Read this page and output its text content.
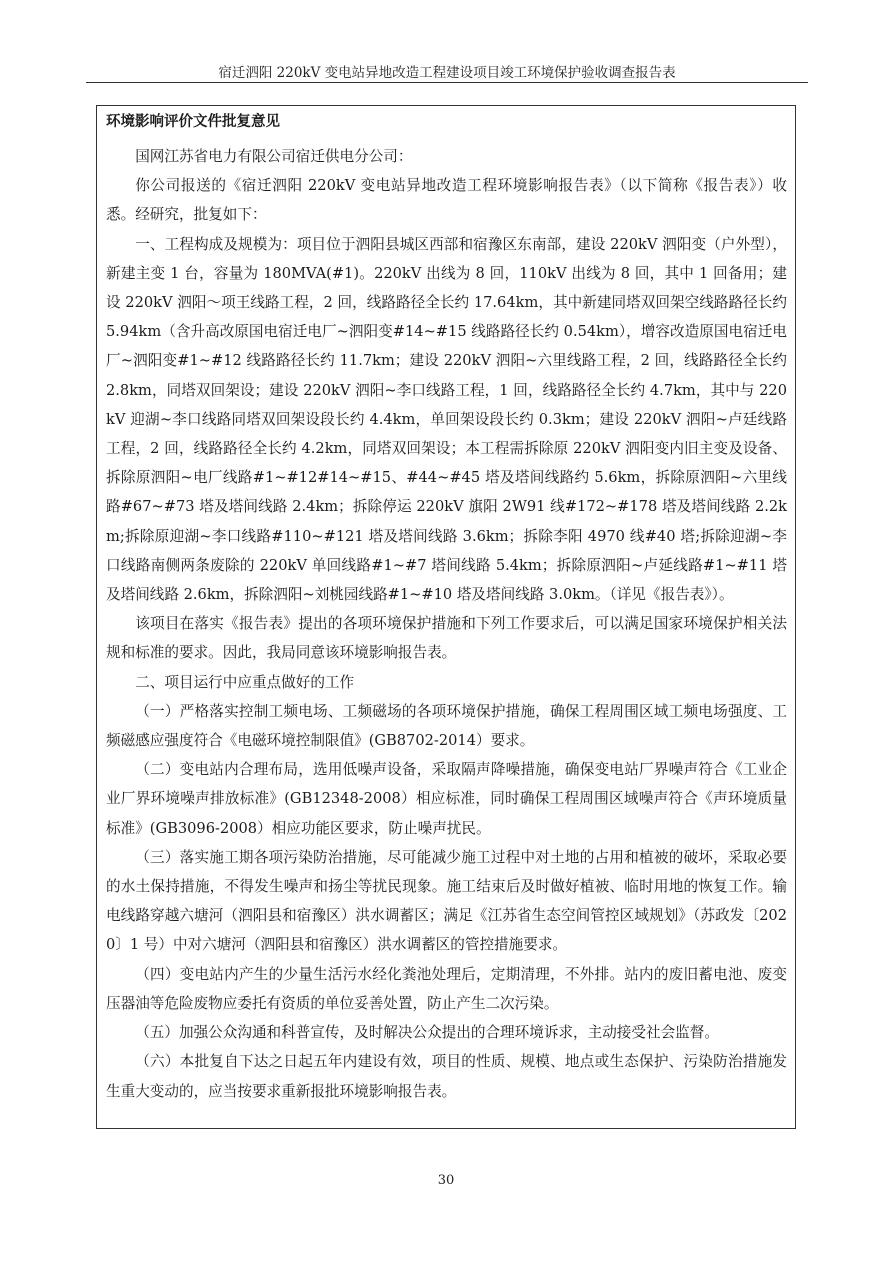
宿迁泗阳 220kV 变电站异地改造工程建设项目竣工环境保护验收调查报告表
环境影响评价文件批复意见

国网江苏省电力有限公司宿迁供电分公司：

你公司报送的《宿迁泗阳 220kV 变电站异地改造工程环境影响报告表》（以下简称《报告表》）收悉。经研究，批复如下：

一、工程构成及规模为：项目位于泗阳县城区西部和宿豫区东南部，建设 220kV 泗阳变（户外型），新建主变 1 台，容量为 180MVA(#1)。220kV 出线为 8 回，110kV 出线为 8 回，其中 1 回备用；建设 220kV 泗阳～项王线路工程，2 回，线路路径全长约 17.64km，其中新建同塔双回架空线路路径长约 5.94km（含升高改原国电宿迁电厂~泗阳变#14~#15 线路路径长约 0.54km），增容改造原国电宿迁电厂~泗阳变#1~#12 线路路径长约 11.7km；建设 220kV 泗阳~六里线路工程，2 回，线路路径全长约 2.8km，同塔双回架设；建设 220kV 泗阳~李口线路工程，1 回，线路路径全长约 4.7km，其中与 220kV 迎湖~李口线路同塔双回架设段长约 4.4km，单回架设段长约 0.3km；建设 220kV 泗阳~卢廷线路工程，2 回，线路路径全长约 4.2km，同塔双回架设；本工程需拆除原 220kV 泗阳变内旧主变及设备、拆除原泗阳~电厂线路#1~#12#14~#15、#44~#45 塔及塔间线路约 5.6km，拆除原泗阳~六里线路#67~#73 塔及塔间线路 2.4km；拆除停运 220kV 旗阳 2W91 线#172~#178 塔及塔间线路 2.2km;拆除原迎湖~李口线路#110~#121 塔及塔间线路 3.6km；拆除李阳 4970 线#40 塔;拆除迎湖~李口线路南侧两条废除的 220kV 单回线路#1~#7 塔间线路 5.4km；拆除原泗阳~卢延线路#1~#11 塔及塔间线路 2.6km，拆除泗阳~刘桃园线路#1~#10 塔及塔间线路 3.0km。（详见《报告表》）。

该项目在落实《报告表》提出的各项环境保护措施和下列工作要求后，可以满足国家环境保护相关法规和标准的要求。因此，我局同意该环境影响报告表。

二、项目运行中应重点做好的工作

（一）严格落实控制工频电场、工频磁场的各项环境保护措施，确保工程周围区域工频电场强度、工频磁感应强度符合《电磁环境控制限值》(GB8702-2014）要求。

（二）变电站内合理布局，选用低噪声设备，采取隔声降噪措施，确保变电站厂界噪声符合《工业企业厂界环境噪声排放标准》(GB12348-2008）相应标准，同时确保工程周围区域噪声符合《声环境质量标准》(GB3096-2008）相应功能区要求，防止噪声扰民。

（三）落实施工期各项污染防治措施，尽可能减少施工过程中对土地的占用和植被的破坏，采取必要的水土保持措施，不得发生噪声和扬尘等扰民现象。施工结束后及时做好植被、临时用地的恢复工作。输电线路穿越六塘河（泗阳县和宿豫区）洪水调蓄区；满足《江苏省生态空间管控区域规划》（苏政发〔2020〕1 号）中对六塘河（泗阳县和宿豫区）洪水调蓄区的管控措施要求。

（四）变电站内产生的少量生活污水经化粪池处理后，定期清理，不外排。站内的废旧蓄电池、废变压器油等危险废物应委托有资质的单位妥善处置，防止产生二次污染。

（五）加强公众沟通和科普宣传，及时解决公众提出的合理环境诉求，主动接受社会监督。

（六）本批复自下达之日起五年内建设有效，项目的性质、规模、地点或生态保护、污染防治措施发生重大变动的，应当按要求重新报批环境影响报告表。

30
